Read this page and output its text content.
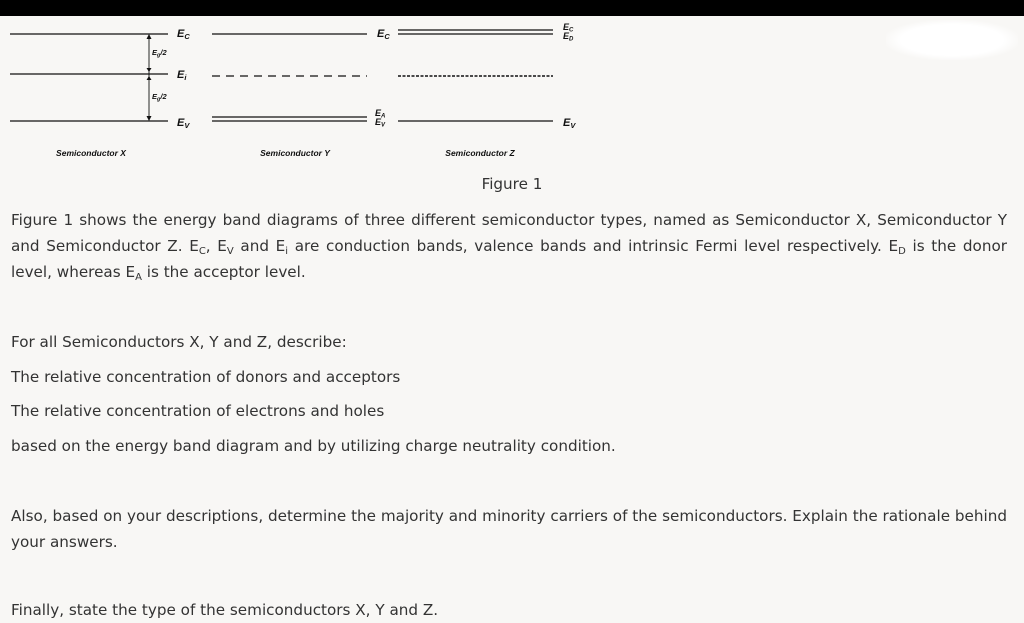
$E_g/2$
$E_g/2$
EC
Ei
EV
Semiconductor X
EC
EA
EV
Semiconductor Y
EC
ED
EV
Semiconductor Z
Figure 1

Figure 1 shows the energy band diagrams of three different semiconductor types, named as Semiconductor X, Semiconductor Y and Semiconductor Z. $E_C$, $E_V$ and $E_i$ are conduction bands, valence bands and intrinsic Fermi level respectively. $E_D$ is the donor level, whereas $E_A$ is the acceptor level.

For all Semiconductors X, Y and Z, describe:

The relative concentration of donors and acceptors

The relative concentration of electrons and holes

based on the energy band diagram and by utilizing charge neutrality condition.

Also, based on your descriptions, determine the majority and minority carriers of the semiconductors. Explain the rationale behind your answers.

Finally, state the type of the semiconductors X, Y and Z.
